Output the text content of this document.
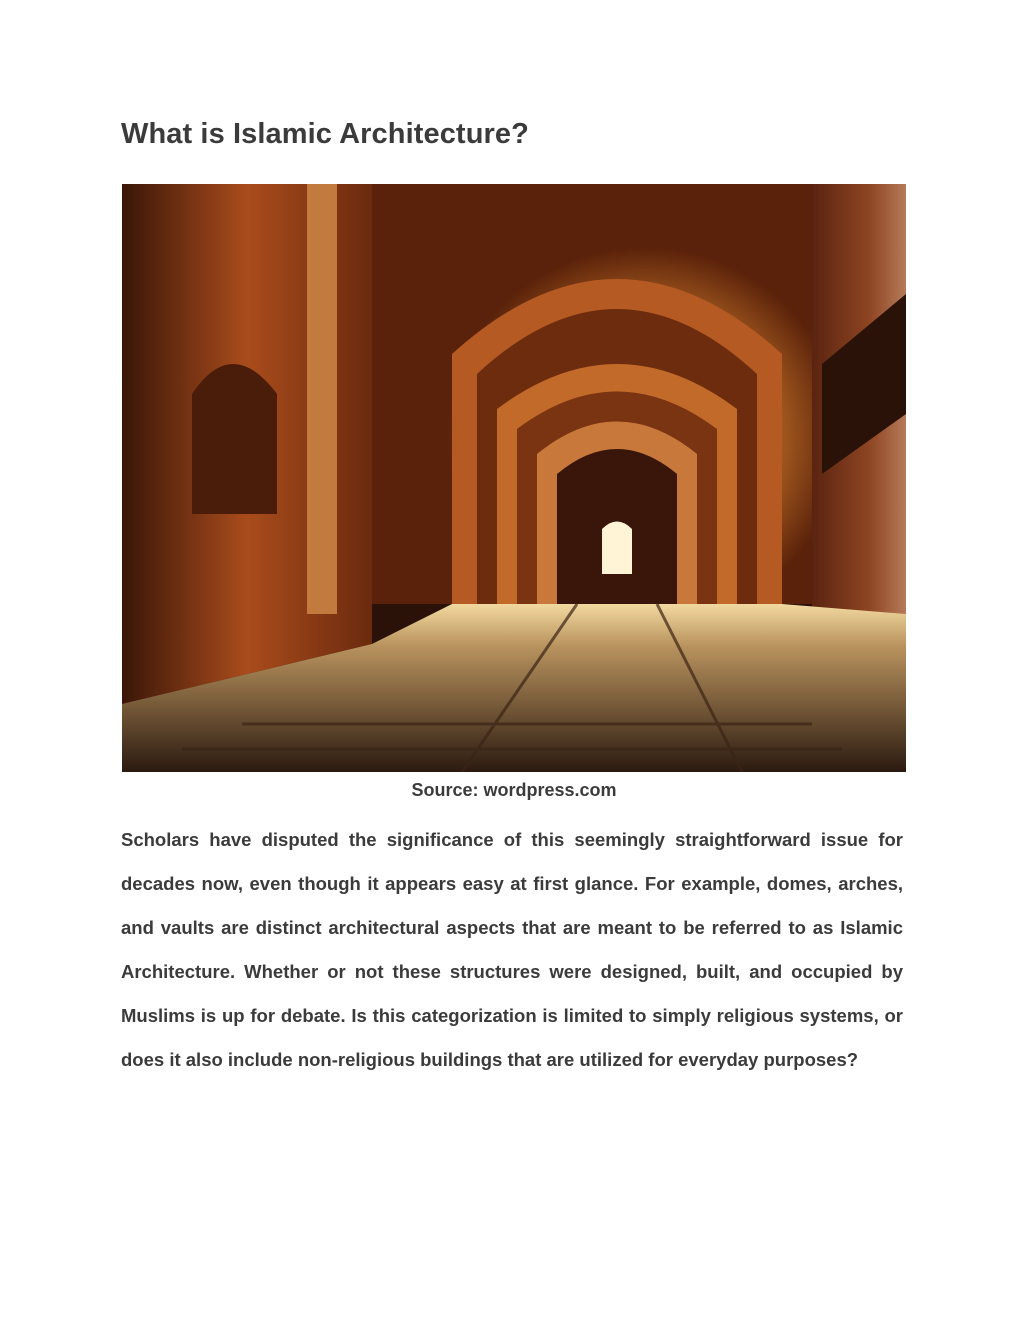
What is Islamic Architecture?
Source: wordpress.com

Scholars have disputed the significance of this seemingly straightforward issue for decades now, even though it appears easy at first glance. For example, domes, arches, and vaults are distinct architectural aspects that are meant to be referred to as Islamic Architecture. Whether or not these structures were designed, built, and occupied by Muslims is up for debate. Is this categorization is limited to simply religious systems, or does it also include non-religious buildings that are utilized for everyday purposes?
